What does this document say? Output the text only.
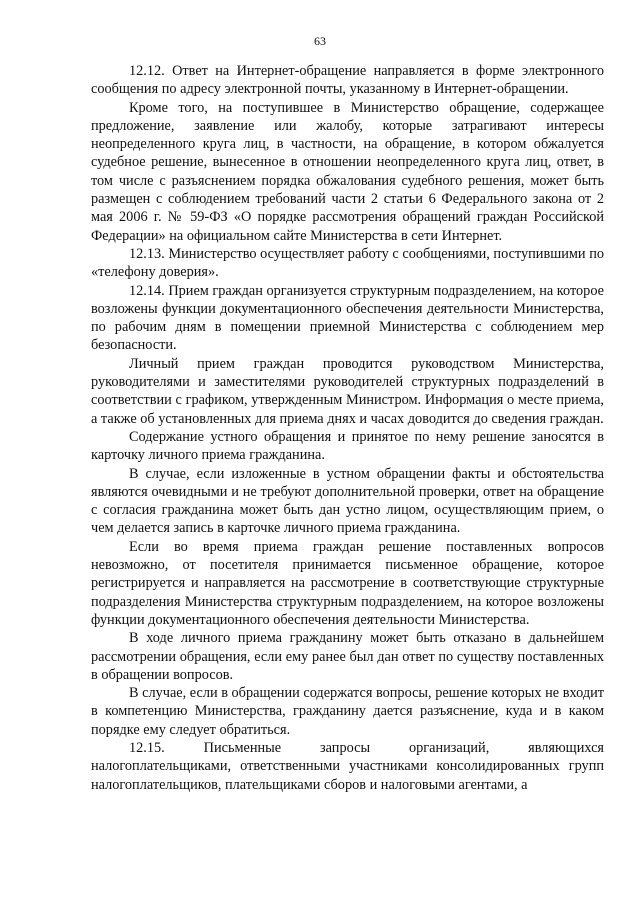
63

12.12. Ответ на Интернет-обращение направляется в форме электронного сообщения по адресу электронной почты, указанному в Интернет-обращении.

Кроме того, на поступившее в Министерство обращение, содержащее предложение, заявление или жалобу, которые затрагивают интересы неопределенного круга лиц, в частности, на обращение, в котором обжалуется судебное решение, вынесенное в отношении неопределенного круга лиц, ответ, в том числе с разъяснением порядка обжалования судебного решения, может быть размещен с соблюдением требований части 2 статьи 6 Федерального закона от 2 мая 2006 г. № 59-ФЗ «О порядке рассмотрения обращений граждан Российской Федерации» на официальном сайте Министерства в сети Интернет.

12.13. Министерство осуществляет работу с сообщениями, поступившими по «телефону доверия».

12.14. Прием граждан организуется структурным подразделением, на которое возложены функции документационного обеспечения деятельности Министерства, по рабочим дням в помещении приемной Министерства с соблюдением мер безопасности.

Личный прием граждан проводится руководством Министерства, руководителями и заместителями руководителей структурных подразделений в соответствии с графиком, утвержденным Министром. Информация о месте приема, а также об установленных для приема днях и часах доводится до сведения граждан.

Содержание устного обращения и принятое по нему решение заносятся в карточку личного приема гражданина.

В случае, если изложенные в устном обращении факты и обстоятельства являются очевидными и не требуют дополнительной проверки, ответ на обращение с согласия гражданина может быть дан устно лицом, осуществляющим прием, о чем делается запись в карточке личного приема гражданина.

Если во время приема граждан решение поставленных вопросов невозможно, от посетителя принимается письменное обращение, которое регистрируется и направляется на рассмотрение в соответствующие структурные подразделения Министерства структурным подразделением, на которое возложены функции документационного обеспечения деятельности Министерства.

В ходе личного приема гражданину может быть отказано в дальнейшем рассмотрении обращения, если ему ранее был дан ответ по существу поставленных в обращении вопросов.

В случае, если в обращении содержатся вопросы, решение которых не входит в компетенцию Министерства, гражданину дается разъяснение, куда и в каком порядке ему следует обратиться.

12.15. Письменные запросы организаций, являющихся налогоплательщиками, ответственными участниками консолидированных групп налогоплательщиков, плательщиками сборов и налоговыми агентами, а
